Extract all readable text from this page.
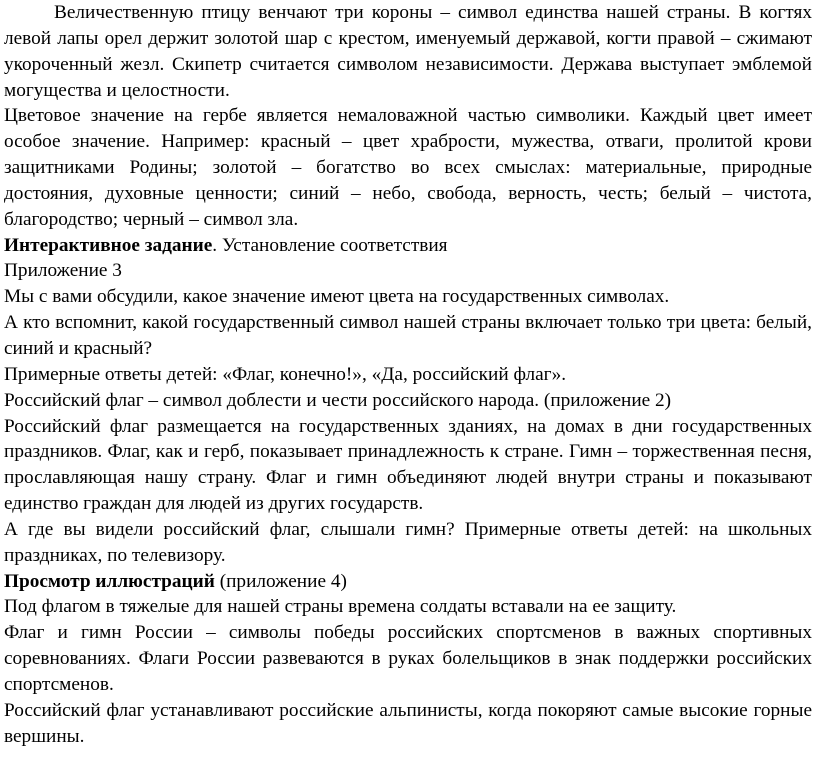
Величественную птицу венчают три короны – символ единства нашей страны. В когтях левой лапы орел держит золотой шар с крестом, именуемый державой, когти правой – сжимают укороченный жезл. Скипетр считается символом независимости. Держава выступает эмблемой могущества и целостности.

Цветовое значение на гербе является немаловажной частью символики. Каждый цвет имеет особое значение. Например: красный – цвет храбрости, мужества, отваги, пролитой крови защитниками Родины; золотой – богатство во всех смыслах: материальные, природные достояния, духовные ценности; синий – небо, свобода, верность, честь; белый – чистота, благородство; черный – символ зла.

Интерактивное задание. Установление соответствия

Приложение 3

Мы с вами обсудили, какое значение имеют цвета на государственных символах.

А кто вспомнит, какой государственный символ нашей страны включает только три цвета: белый, синий и красный?

Примерные ответы детей: «Флаг, конечно!», «Да, российский флаг».

Российский флаг – символ доблести и чести российского народа. (приложение 2)

Российский флаг размещается на государственных зданиях, на домах в дни государственных праздников. Флаг, как и герб, показывает принадлежность к стране. Гимн – торжественная песня, прославляющая нашу страну. Флаг и гимн объединяют людей внутри страны и показывают единство граждан для людей из других государств.

А где вы видели российский флаг, слышали гимн? Примерные ответы детей: на школьных праздниках, по телевизору.

Просмотр иллюстраций (приложение 4)

Под флагом в тяжелые для нашей страны времена солдаты вставали на ее защиту.

Флаг и гимн России – символы победы российских спортсменов в важных спортивных соревнованиях. Флаги России развеваются в руках болельщиков в знак поддержки российских спортсменов.

Российский флаг устанавливают российские альпинисты, когда покоряют самые высокие горные вершины.
